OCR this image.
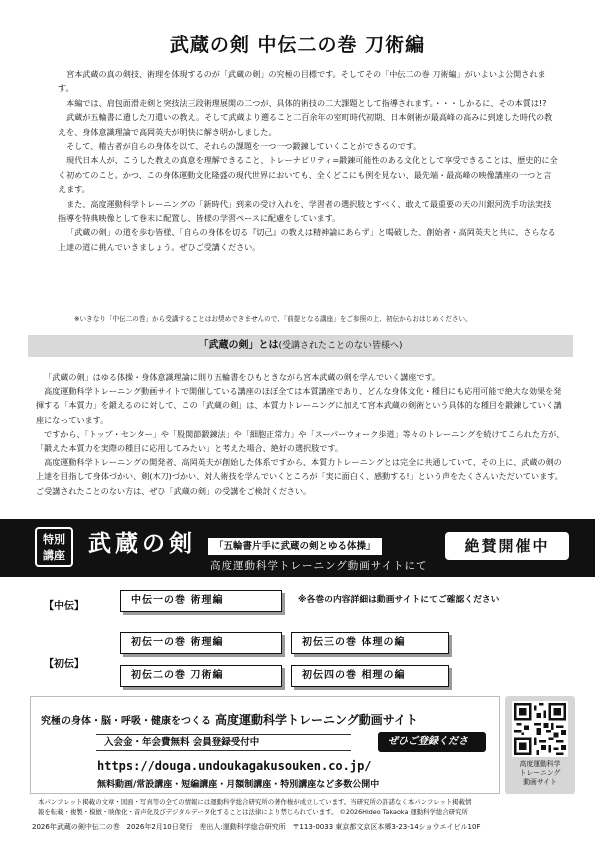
武蔵の剣 中伝二の巻 刀術編

宮本武蔵の真の剣技、術理を体現するのが「武蔵の剣」の究極の目標です。そしてその「中伝二の巻 刀術編」がいよいよ公開されます。

本編では、肩包面滑走剣と突技法三段術理展開の二つが、具体的術技の二大課題として指導されます。・・・しかるに、その本質は!?

武蔵が五輪書に遺した刀遣いの教え。そして武蔵より遡ること二百余年の室町時代初期、日本剣術が最高峰の高みに到達した時代の教えを、身体意識理論で高岡英夫が明快に解き明かしました。

そして、稽古者が自らの身体を以て、それらの課題を一つ一つ鍛錬していくことができるのです。

現代日本人が、こうした教えの真意を理解できること、トレーナビリティ=鍛錬可能性のある文化として享受できることは、歴史的に全く初めてのこと。かつ、この身体運動文化隆盛の現代世界においても、全くどこにも例を見ない、最先端・最高峰の映像講座の一つと言えます。

また、高度運動科学トレーニングの「新時代」到来の受け入れを、学習者の選択肢とすべく、敢えて最重要の天の川銀河洗手功法実技指導を特典映像として巻末に配置し、皆様の学習ペースに配慮をしています。

「武蔵の剣」の道を歩む皆様、「自らの身体を切る『切己』の教えは精神論にあらず」と喝破した、創始者・高岡英夫と共に、さらなる上達の道に挑んでいきましょう。ぜひご受講ください。

※いきなり「中伝二の巻」から受講することはお奨めできませんので、「前提となる講座」をご参照の上、初伝からおはじめください。
「武蔵の剣」とは(受講されたことのない皆様へ)

「武蔵の剣」はゆる体操・身体意識理論に則り五輪書をひもときながら宮本武蔵の剣を学んでいく講座です。

高度運動科学トレーニング動画サイトで開催している講座のほぼ全ては本質講座であり、どんな身体文化・種目にも応用可能で絶大な効果を発揮する「本質力」を鍛えるのに対して、この「武蔵の剣」は、本質力トレーニングに加えて宮本武蔵の剣術という具体的な種目を鍛錬していく講座になっています。

ですから、「トップ・センター」や「股関節鍛錬法」や「細胞正常力」や「スーパーウォーク歩道」等々のトレーニングを続けてこられた方が、「鍛えた本質力を実際の種目に応用してみたい」と考えた場合、絶好の選択肢です。

高度運動科学トレーニングの開発者、高岡英夫が創始した体系ですから、本質力トレーニングとは完全に共通していて、その上に、武蔵の剣の上達を目指して身体づかい、剣(木刀)づかい、対人術技を学んでいくところが「実に面白く、感動する!」という声をたくさんいただいています。ご受講されたことのない方は、ぜひ「武蔵の剣」の受講をご検討ください。

特別
講座 武蔵の剣	「五輪書片手に武蔵の剣とゆる体操」
高度運動科学トレーニング動画サイトにて
絶賛開催中
【中伝】
中伝一の巻 術理編	※各巻の内容詳細は動画サイトにてご確認ください
【初伝】
初伝一の巻 術理編	初伝三の巻 体理の編
初伝二の巻 刀術編	初伝四の巻 相理の編
究極の身体・脳・呼吸・健康をつくる 高度運動科学トレーニング動画サイト
入会金・年会費無料 会員登録受付中	ぜひご登録ください
https://douga.undoukagakusouken.co.jp/
無料動画/常設講座・短編講座・月額制講座・特別講座など多数公開中
高度運動科学
トレーニング
動画サイト
本パンフレット掲載の文章・図面・写真等の全ての情報には運動科学総合研究所の著作権が成立しています。当研究所の許諾なく本パンフレット掲載情
報を転載・複製・模倣・映像化・音声化及びデジタルデータ化することは法律により禁じられています。 ©2026Hideo Takaoka 運動科学総合研究所
2026年武蔵の剣中伝二の巻 2026年2月10日発行 差出人:運動科学総合研究所 〒113-0033 東京都文京区本郷3-23-14ショウエイビル10F
